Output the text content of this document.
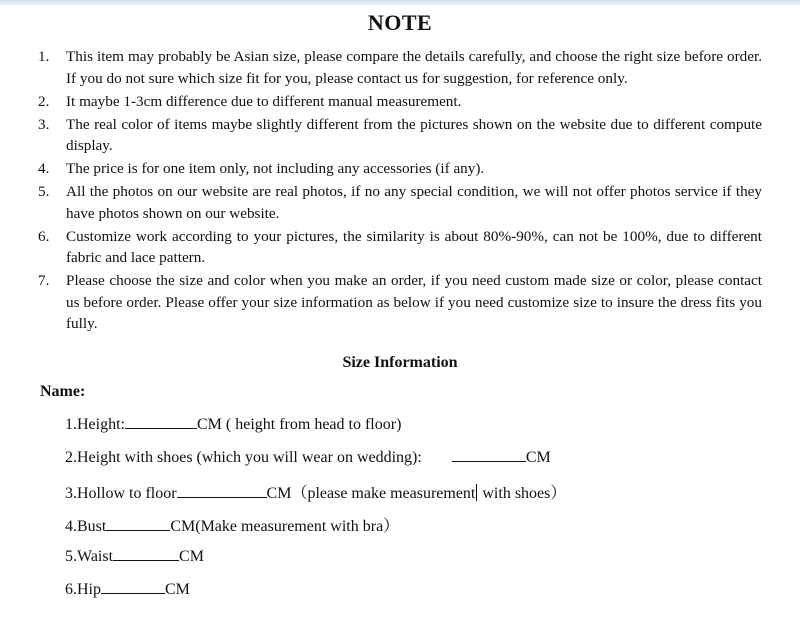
NOTE
1.	This item may probably be Asian size, please compare the details carefully, and choose the right size before order. If you do not sure which size fit for you, please contact us for suggestion, for reference only.
2.	It maybe 1-3cm difference due to different manual measurement.
3.	The real color of items maybe slightly different from the pictures shown on the website due to different compute display.
4.	The price is for one item only, not including any accessories (if any).
5.	All the photos on our website are real photos, if no any special condition, we will not offer photos service if they have photos shown on our website.
6.	Customize work according to your pictures, the similarity is about 80%-90%, can not be 100%, due to different fabric and lace pattern.
7.	Please choose the size and color when you make an order, if you need custom made size or color, please contact us before order. Please offer your size information as below if you need customize size to insure the dress fits you fully.
Size Information
Name:
1.Height:	CM ( height from head to floor)
2.Height with shoes (which you will wear on wedding):	CM
3.Hollow to floor	CM（please make measurement with shoes）
4.Bust	CM(Make measurement with bra）
5.Waist	CM
6.Hip	CM
